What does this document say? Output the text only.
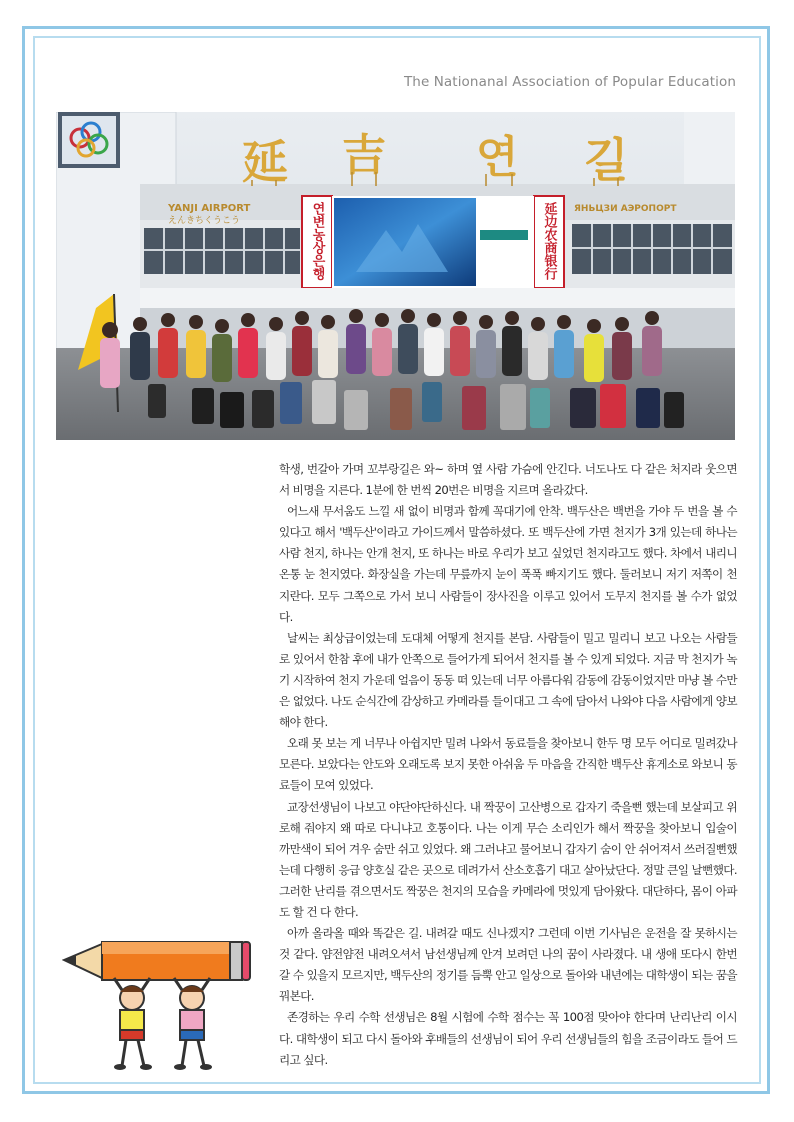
The Nationanal Association of Popular Education
延 吉 연 길
YANJI AIRPORT
えんきちくうこう
ЯНЬЦЗИ АЭРОПОРТ
연변농상은행	延边农商银行

학생, 번갈아 가며 꼬부랑길은 와~ 하며 옆 사람 가슴에 안긴다. 너도나도 다 같은 처지라 웃으면서 비명을 지른다. 1분에 한 번씩 20번은 비명을 지르며 올라갔다.

어느새 무서움도 느낄 새 없이 비명과 함께 꼭대기에 안착. 백두산은 백번을 가야 두 번을 볼 수 있다고 해서 '백두산'이라고 가이드께서 말씀하셨다. 또 백두산에 가면 천지가 3개 있는데 하나는 사람 천지, 하나는 안개 천지, 또 하나는 바로 우리가 보고 싶었던 천지라고도 했다. 차에서 내리니 온통 눈 천지였다. 화장실을 가는데 무릎까지 눈이 푹푹 빠지기도 했다. 둘러보니 저기 저쪽이 천지란다. 모두 그쪽으로 가서 보니 사람들이 장사진을 이루고 있어서 도무지 천지를 볼 수가 없었다.

날씨는 최상급이었는데 도대체 어떻게 천지를 본담. 사람들이 밀고 밀리니 보고 나오는 사람들로 있어서 한참 후에 내가 안쪽으로 들어가게 되어서 천지를 볼 수 있게 되었다. 지금 막 천지가 녹기 시작하여 천지 가운데 얼음이 동동 떠 있는데 너무 아름다워 감동에 감동이었지만 마냥 볼 수만은 없었다. 나도 순식간에 감상하고 카메라를 들이대고 그 속에 담아서 나와야 다음 사람에게 양보해야 한다.

오래 못 보는 게 너무나 아쉽지만 밀려 나와서 동료들을 찾아보니 한두 명 모두 어디로 밀려갔나 모른다. 보았다는 안도와 오래도록 보지 못한 아쉬움 두 마음을 간직한 백두산 휴게소로 와보니 동료들이 모여 있었다.

교장선생님이 나보고 야단야단하신다. 내 짝꿍이 고산병으로 갑자기 죽을뻔 했는데 보살피고 위로해 줘야지 왜 따로 다니냐고 호통이다. 나는 이게 무슨 소리인가 해서 짝꿍을 찾아보니 입술이 까만색이 되어 겨우 숨만 쉬고 있었다. 왜 그러냐고 물어보니 갑자기 숨이 안 쉬어져서 쓰러질뻔했는데 다행히 응급 양호실 같은 곳으로 데려가서 산소호흡기 대고 살아났단다. 정말 큰일 날뻔했다. 그러한 난리를 겪으면서도 짝꿍은 천지의 모습을 카메라에 멋있게 담아왔다. 대단하다, 몸이 아파도 할 건 다 한다.

아까 올라올 때와 똑같은 길. 내려갈 때도 신나겠지? 그런데 이번 기사님은 운전을 잘 못하시는 것 같다. 얌전얌전 내려오셔서 남선생님께 안겨 보려던 나의 꿈이 사라졌다. 내 생애 또다시 한번 갈 수 있을지 모르지만, 백두산의 정기를 듬뿍 안고 일상으로 돌아와 내년에는 대학생이 되는 꿈을 꿔본다.

존경하는 우리 수학 선생님은 8월 시험에 수학 점수는 꼭 100점 맞아야 한다며 난리난리 이시다. 대학생이 되고 다시 돌아와 후배들의 선생님이 되어 우리 선생님들의 힘을 조금이라도 들어 드리고 싶다.
